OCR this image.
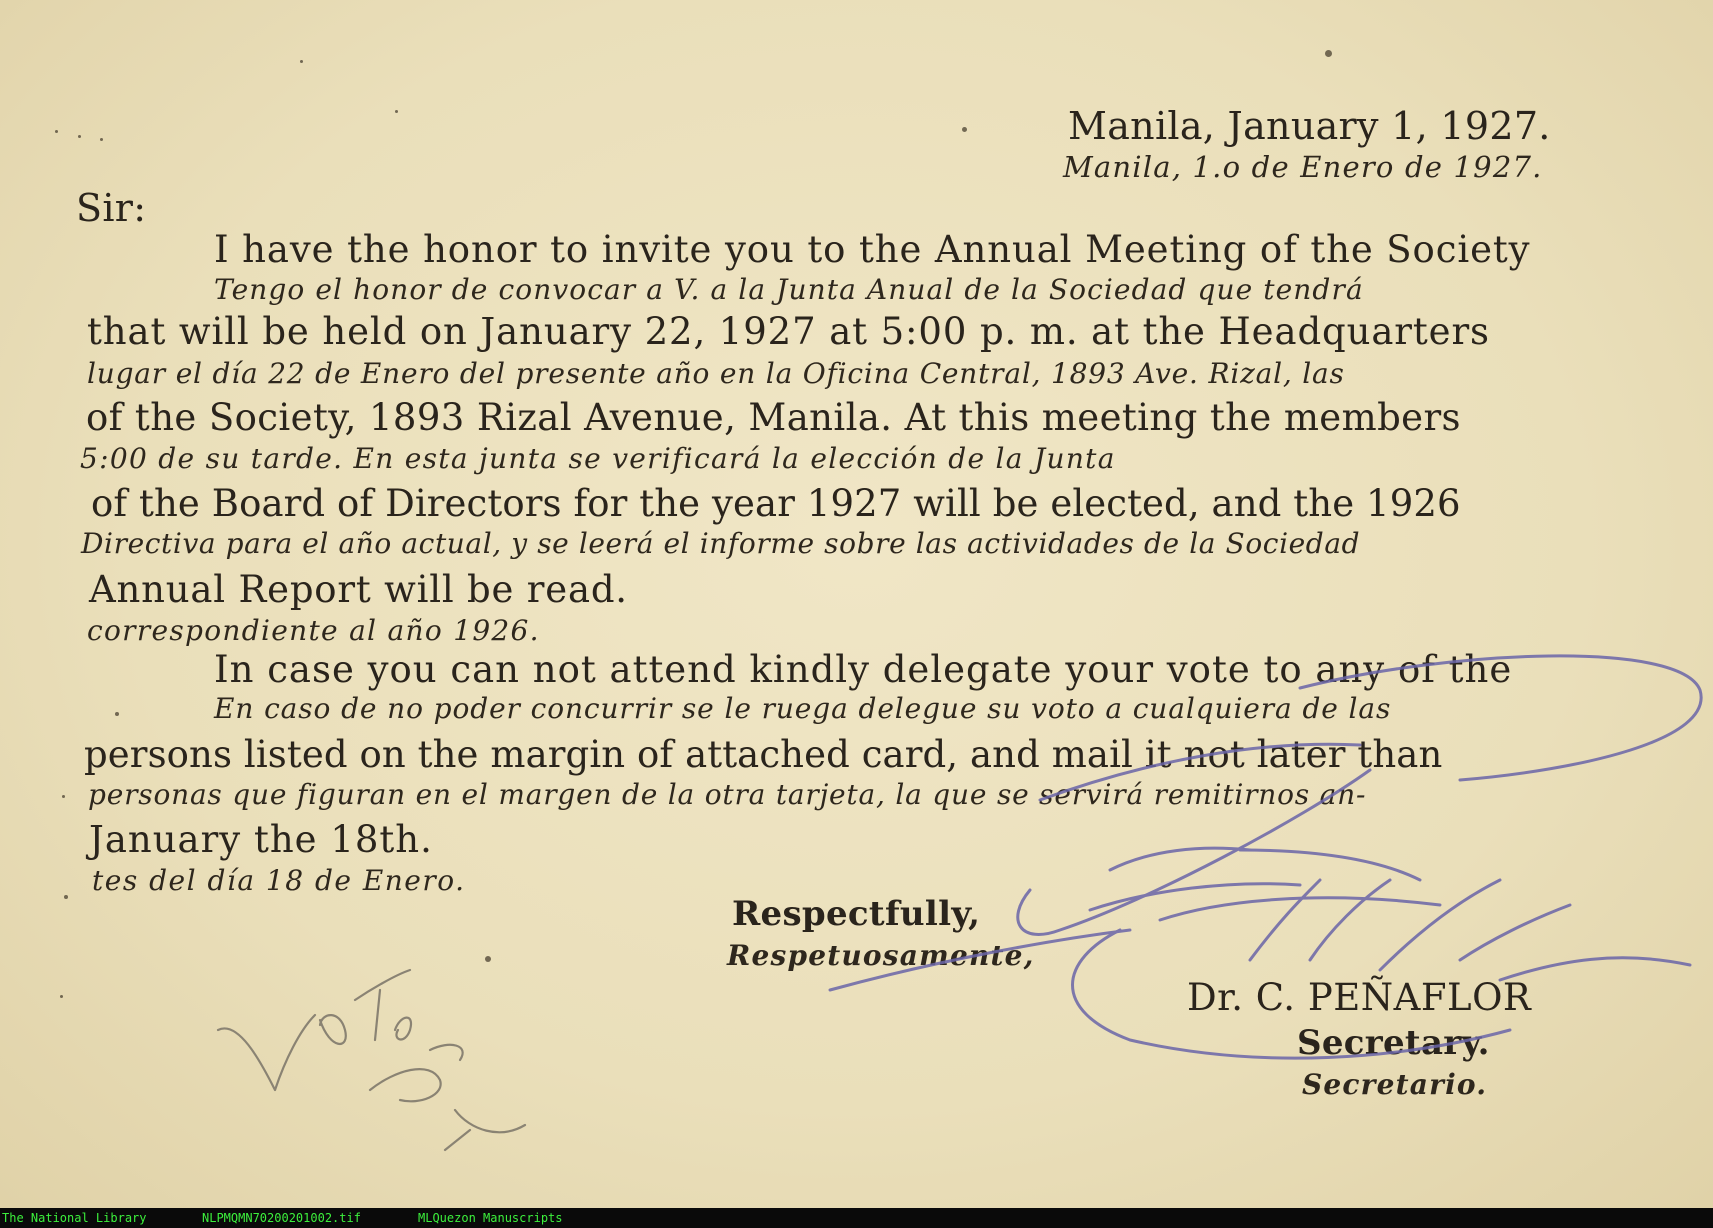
Manila, January 1, 1927.

Manila, 1.o de Enero de 1927.

Sir:

I have the honor to invite you to the Annual Meeting of the Society

Tengo el honor de convocar a V. a la Junta Anual de la Sociedad que tendrá

that will be held on January 22, 1927 at 5:00 p. m. at the Headquarters

lugar el día 22 de Enero del presente año en la Oficina Central, 1893 Ave. Rizal, las

of the Society, 1893 Rizal Avenue, Manila. At this meeting the members

5:00 de su tarde. En esta junta se verificará la elección de la Junta

of the Board of Directors for the year 1927 will be elected, and the 1926

Directiva para el año actual, y se leerá el informe sobre las actividades de la Sociedad

Annual Report will be read.

correspondiente al año 1926.

In case you can not attend kindly delegate your vote to any of the

En caso de no poder concurrir se le ruega delegue su voto a cualquiera de las

persons listed on the margin of attached card, and mail it not later than

personas que figuran en el margen de la otra tarjeta, la que se servirá remitirnos an-

January the 18th.

tes del día 18 de Enero.

Respectfully,

Respetuosamente,

Dr. C. PEÑAFLOR

Secretary.

Secretario.

The National Library	NLPMQMN70200201002.tif	MLQuezon Manuscripts
